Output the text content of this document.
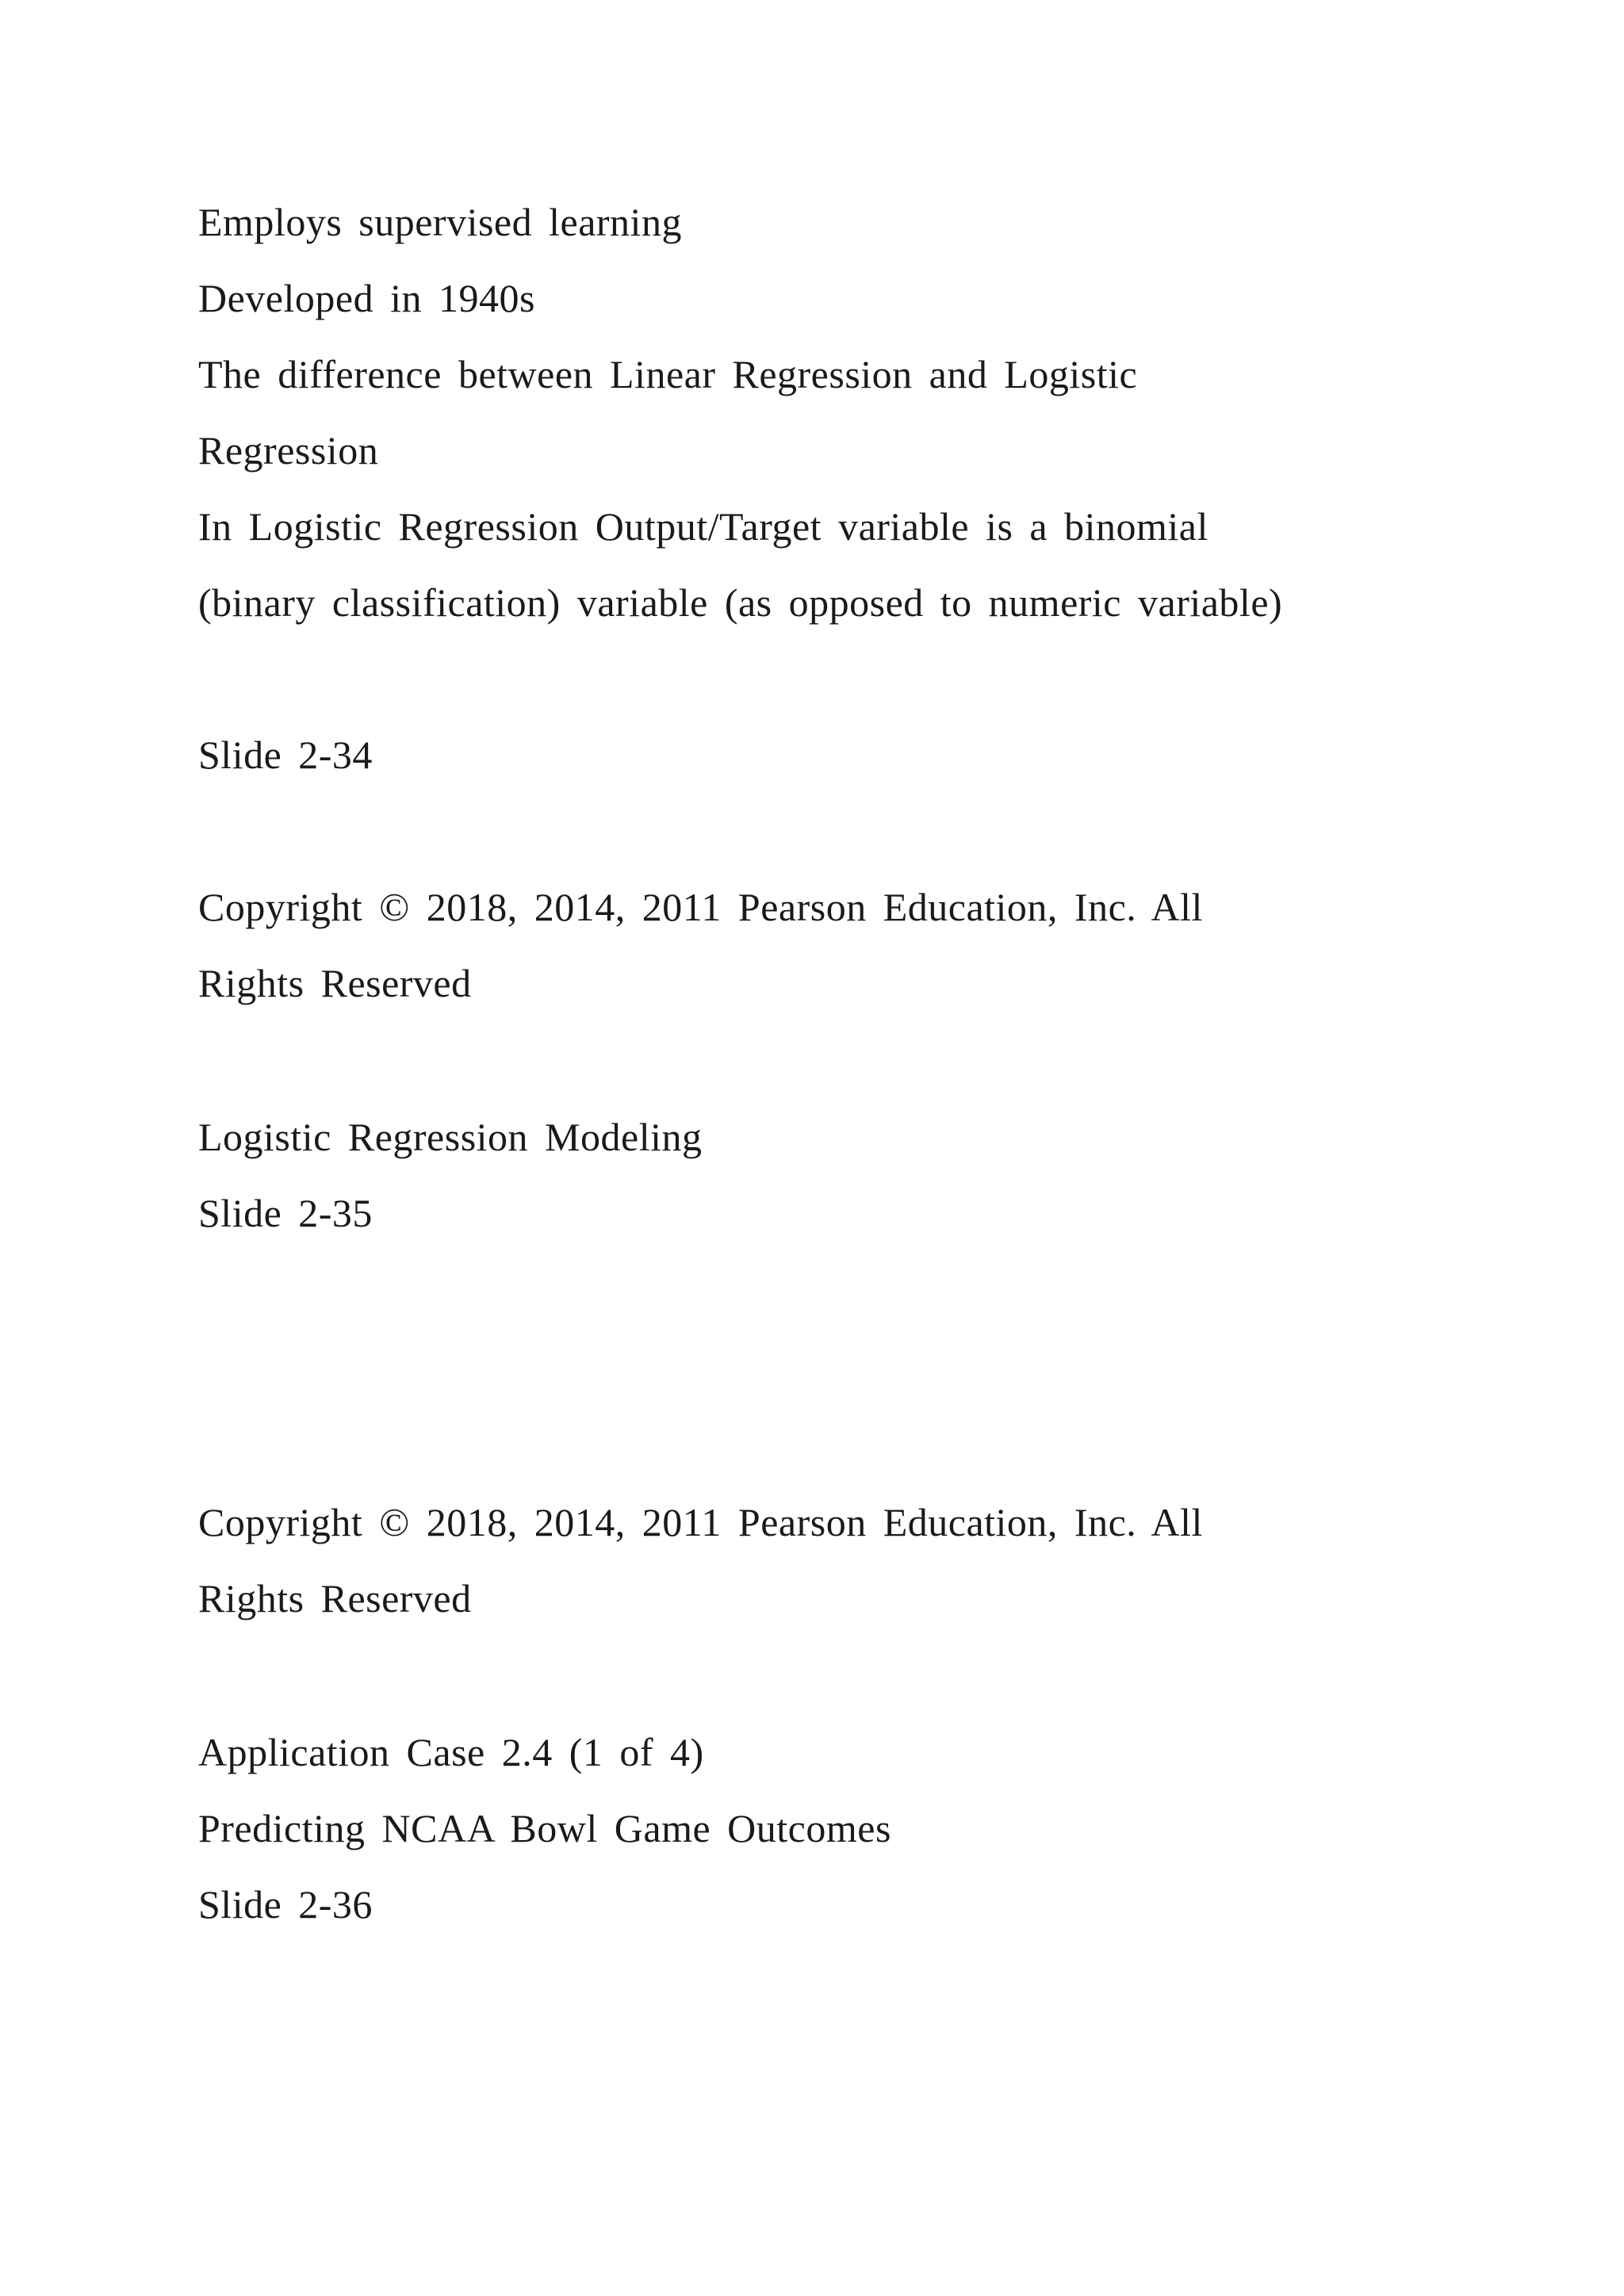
Employs supervised learning

Developed in 1940s

The difference between Linear Regression and Logistic

Regression

In Logistic Regression Output/Target variable is a binomial

(binary classification) variable (as opposed to numeric variable)

Slide 2-34

Copyright © 2018, 2014, 2011 Pearson Education, Inc. All

Rights Reserved

Logistic Regression Modeling

Slide 2-35

Copyright © 2018, 2014, 2011 Pearson Education, Inc. All

Rights Reserved

Application Case 2.4 (1 of 4)

Predicting NCAA Bowl Game Outcomes

Slide 2-36
